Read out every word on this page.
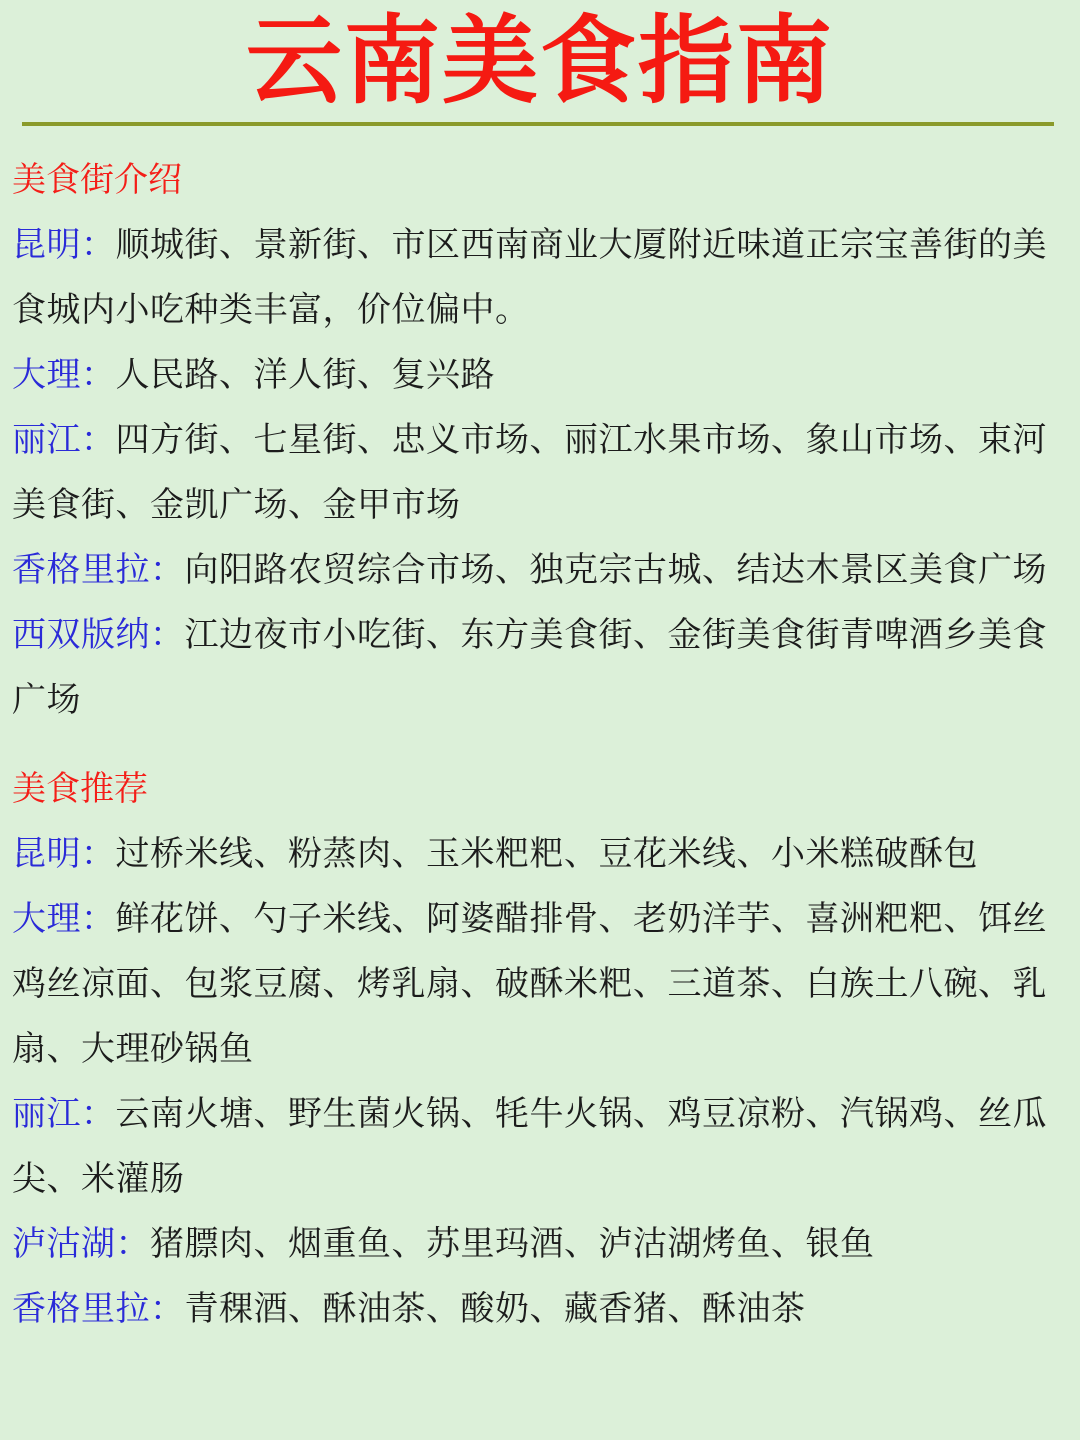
云南美食指南
美食街介绍
昆明：顺城街、景新街、市区西南商业大厦附近味道正宗宝善街的美食城内小吃种类丰富，价位偏中。
大理：人民路、洋人街、复兴路
丽江：四方街、七星街、忠义市场、丽江水果市场、象山市场、束河美食街、金凯广场、金甲市场
香格里拉：向阳路农贸综合市场、独克宗古城、结达木景区美食广场
西双版纳：江边夜市小吃街、东方美食街、金街美食街青啤酒乡美食广场
美食推荐
昆明：过桥米线、粉蒸肉、玉米粑粑、豆花米线、小米糕破酥包
大理：鲜花饼、勺子米线、阿婆醋排骨、老奶洋芋、喜洲粑粑、饵丝鸡丝凉面、包浆豆腐、烤乳扇、破酥米粑、三道茶、白族土八碗、乳扇、大理砂锅鱼
丽江：云南火塘、野生菌火锅、牦牛火锅、鸡豆凉粉、汽锅鸡、丝瓜尖、米灌肠
泸沽湖：猪膘肉、烟重鱼、苏里玛酒、泸沽湖烤鱼、银鱼
香格里拉：青稞酒、酥油茶、酸奶、藏香猪、酥油茶
